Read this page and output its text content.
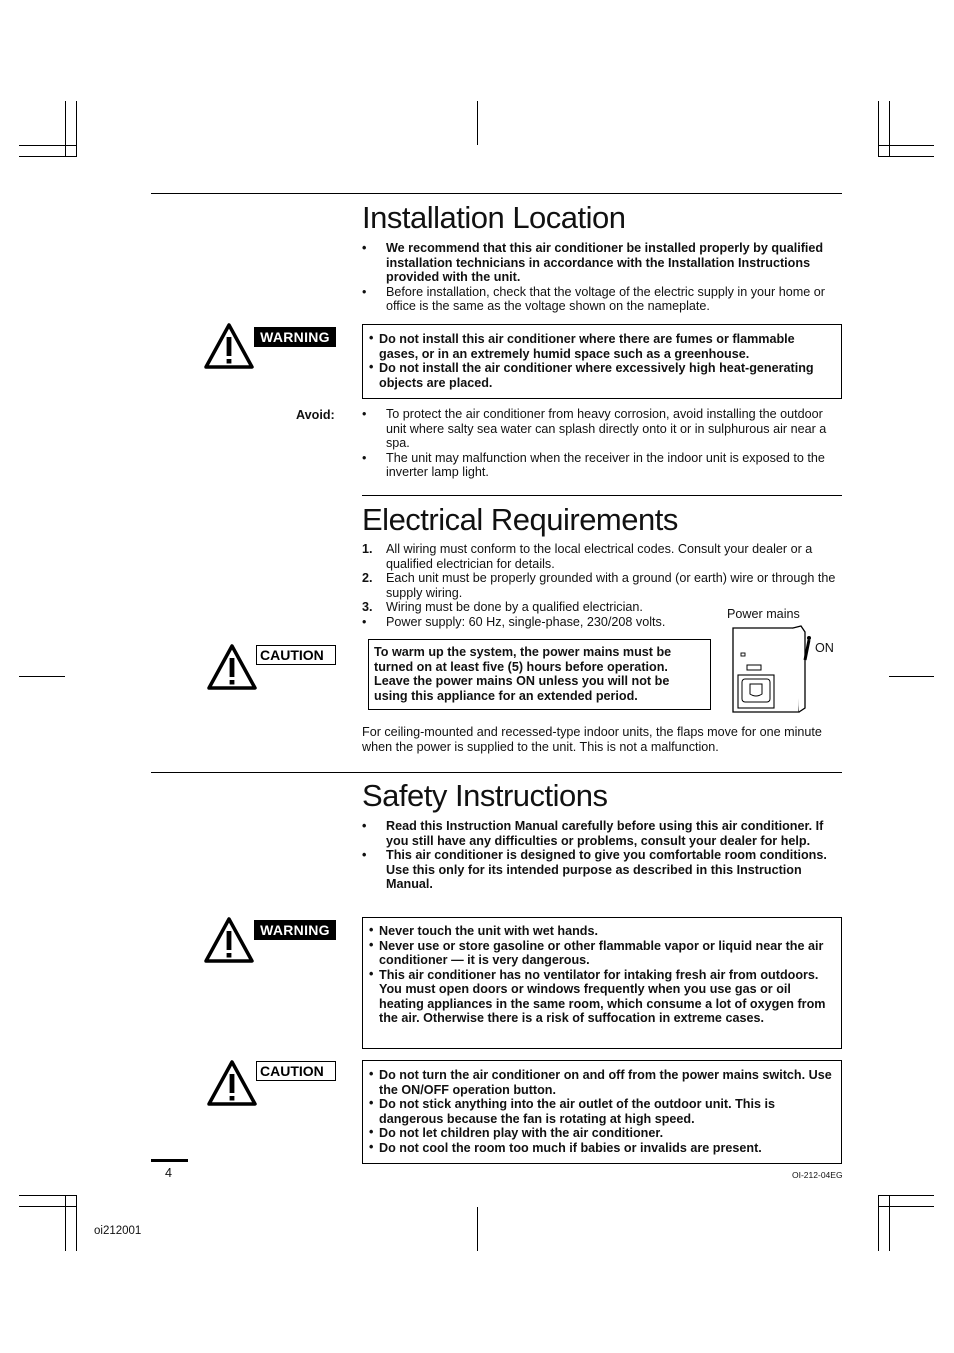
Installation Location
•	We recommend that this air conditioner be installed properly by qualified installation technicians in accordance with the Installation Instructions provided with the unit.
•	Before installation, check that the voltage of the electric supply in your home or office is the same as the voltage shown on the nameplate.
WARNING	• Do not install this air conditioner where there are fumes or flammable gases, or in an extremely humid space such as a greenhouse.
• Do not install the air conditioner where excessively high heat-generating objects are placed.
Avoid: •	To protect the air conditioner from heavy corrosion, avoid installing the outdoor unit where salty sea water can splash directly onto it or in sulphurous air near a spa.
•	The unit may malfunction when the receiver in the indoor unit is exposed to the inverter lamp light.
Electrical Requirements
1.	All wiring must conform to the local electrical codes. Consult your dealer or a qualified electrician for details.
2.	Each unit must be properly grounded with a ground (or earth) wire or through the supply wiring.
3.	Wiring must be done by a qualified electrician.
•	Power supply: 60 Hz, single-phase, 230/208 volts.
CAUTION	To warm up the system, the power mains must be turned on at least five (5) hours before operation. Leave the power mains ON unless you will not be using this appliance for an extended period.
Power mains
ON
For ceiling-mounted and recessed-type indoor units, the flaps move for one minute when the power is supplied to the unit. This is not a malfunction.
Safety Instructions
•	Read this Instruction Manual carefully before using this air conditioner. If you still have any difficulties or problems, consult your dealer for help.
•	This air conditioner is designed to give you comfortable room conditions. Use this only for its intended purpose as described in this Instruction Manual.
WARNING	• Never touch the unit with wet hands.
• Never use or store gasoline or other flammable vapor or liquid near the air conditioner — it is very dangerous.
• This air conditioner has no ventilator for intaking fresh air from outdoors. You must open doors or windows frequently when you use gas or oil heating appliances in the same room, which consume a lot of oxygen from the air. Otherwise there is a risk of suffocation in extreme cases.
CAUTION	• Do not turn the air conditioner on and off from the power mains switch. Use the ON/OFF operation button.
• Do not stick anything into the air outlet of the outdoor unit. This is dangerous because the fan is rotating at high speed.
• Do not let children play with the air conditioner.
• Do not cool the room too much if babies or invalids are present.
4	OI-212-04EG
oi212001
